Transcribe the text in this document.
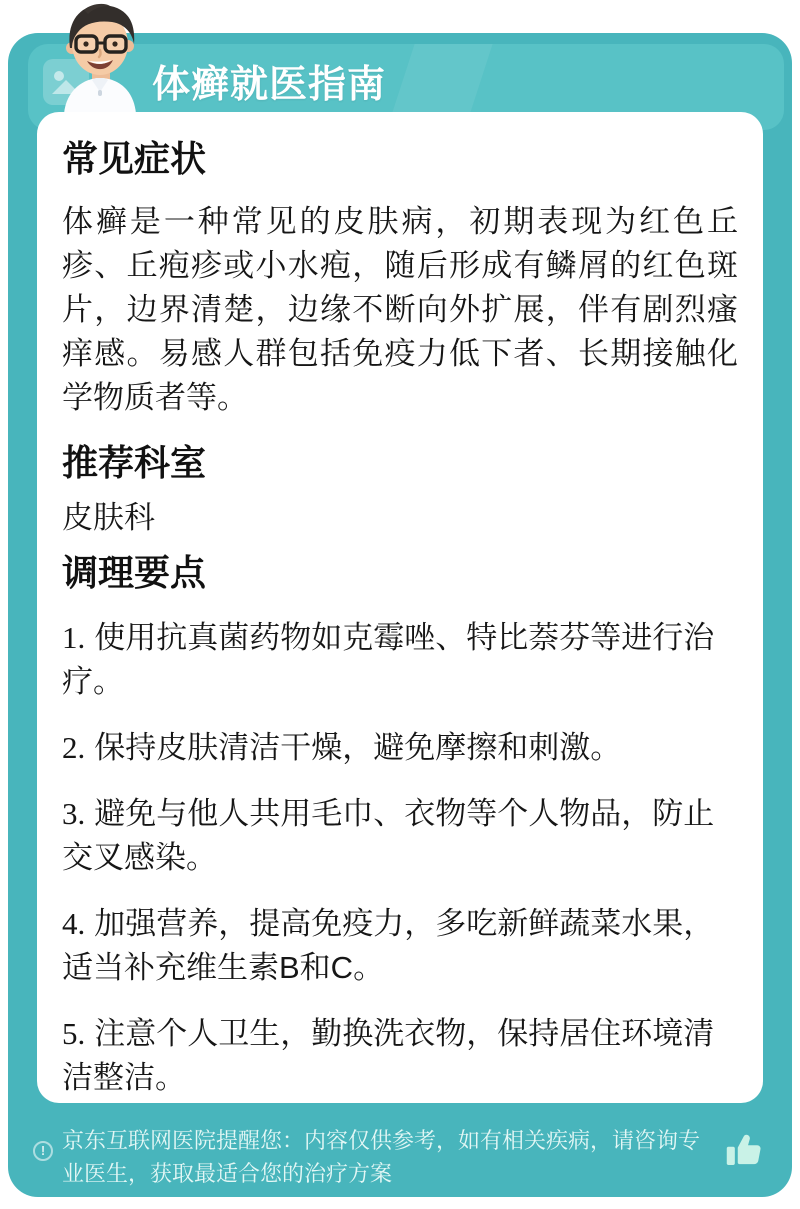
体癣就医指南
常见症状

体癣是一种常见的皮肤病，初期表现为红色丘疹、丘疱疹或小水疱，随后形成有鳞屑的红色斑片，边界清楚，边缘不断向外扩展，伴有剧烈瘙痒感。易感人群包括免疫力低下者、长期接触化学物质者等。

推荐科室

皮肤科

调理要点

1. 使用抗真菌药物如克霉唑、特比萘芬等进行治疗。

2. 保持皮肤清洁干燥，避免摩擦和刺激。

3. 避免与他人共用毛巾、衣物等个人物品，防止交叉感染。

4. 加强营养，提高免疫力，多吃新鲜蔬菜水果，适当补充维生素B和C。

5. 注意个人卫生，勤换洗衣物，保持居住环境清洁整洁。

! 京东互联网医院提醒您：内容仅供参考，如有相关疾病，请咨询专业医生，获取最适合您的治疗方案
